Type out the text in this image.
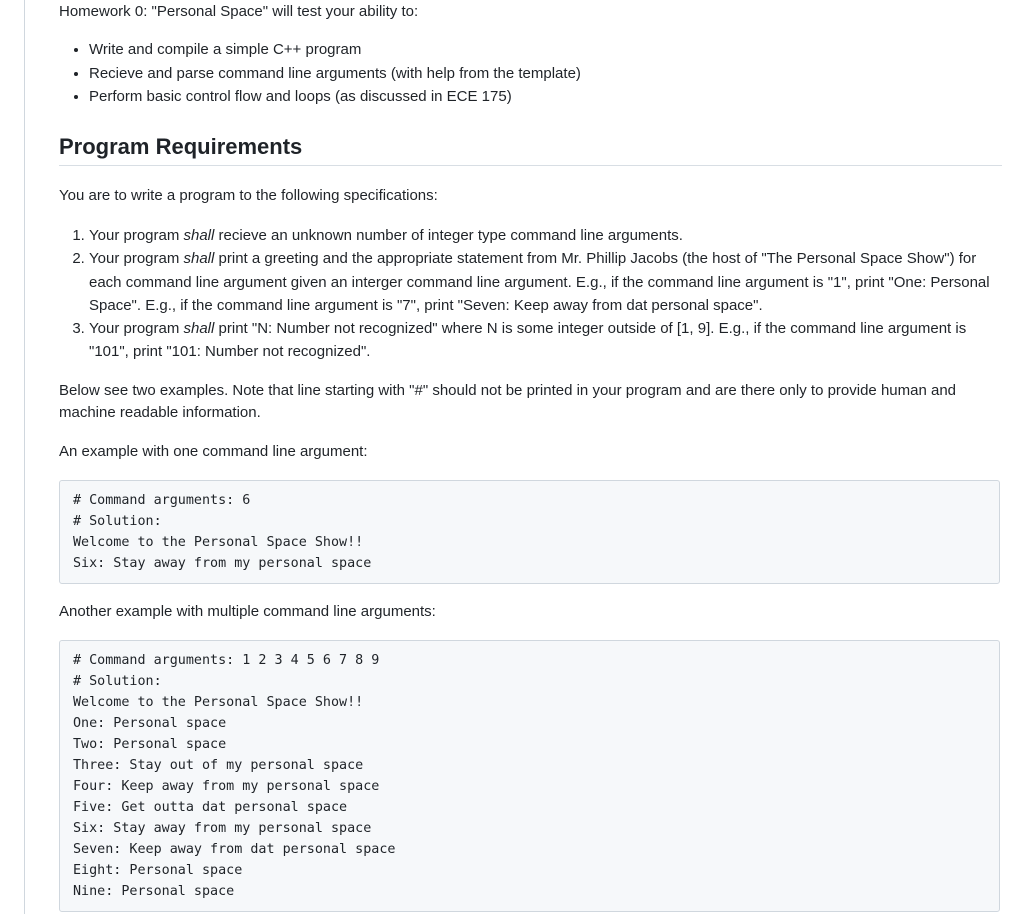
Homework 0: "Personal Space" will test your ability to:

• Write and compile a simple C++ program
• Recieve and parse command line arguments (with help from the template)
• Perform basic control flow and loops (as discussed in ECE 175)
Program Requirements

You are to write a program to the following specifications:

1. Your program shall recieve an unknown number of integer type command line arguments.
2. Your program shall print a greeting and the appropriate statement from Mr. Phillip Jacobs (the host of "The Personal Space Show") for each command line argument given an interger command line argument. E.g., if the command line argument is "1", print "One: Personal Space". E.g., if the command line argument is "7", print "Seven: Keep away from dat personal space".
3. Your program shall print "N: Number not recognized" where N is some integer outside of [1, 9]. E.g., if the command line argument is "101", print "101: Number not recognized".

Below see two examples. Note that line starting with "#" should not be printed in your program and are there only to provide human and machine readable information.

An example with one command line argument:

# Command arguments: 6
# Solution:
Welcome to the Personal Space Show!!
Six: Stay away from my personal space

Another example with multiple command line arguments:

# Command arguments: 1 2 3 4 5 6 7 8 9
# Solution:
Welcome to the Personal Space Show!!
One: Personal space
Two: Personal space
Three: Stay out of my personal space
Four: Keep away from my personal space
Five: Get outta dat personal space
Six: Stay away from my personal space
Seven: Keep away from dat personal space
Eight: Personal space
Nine: Personal space
